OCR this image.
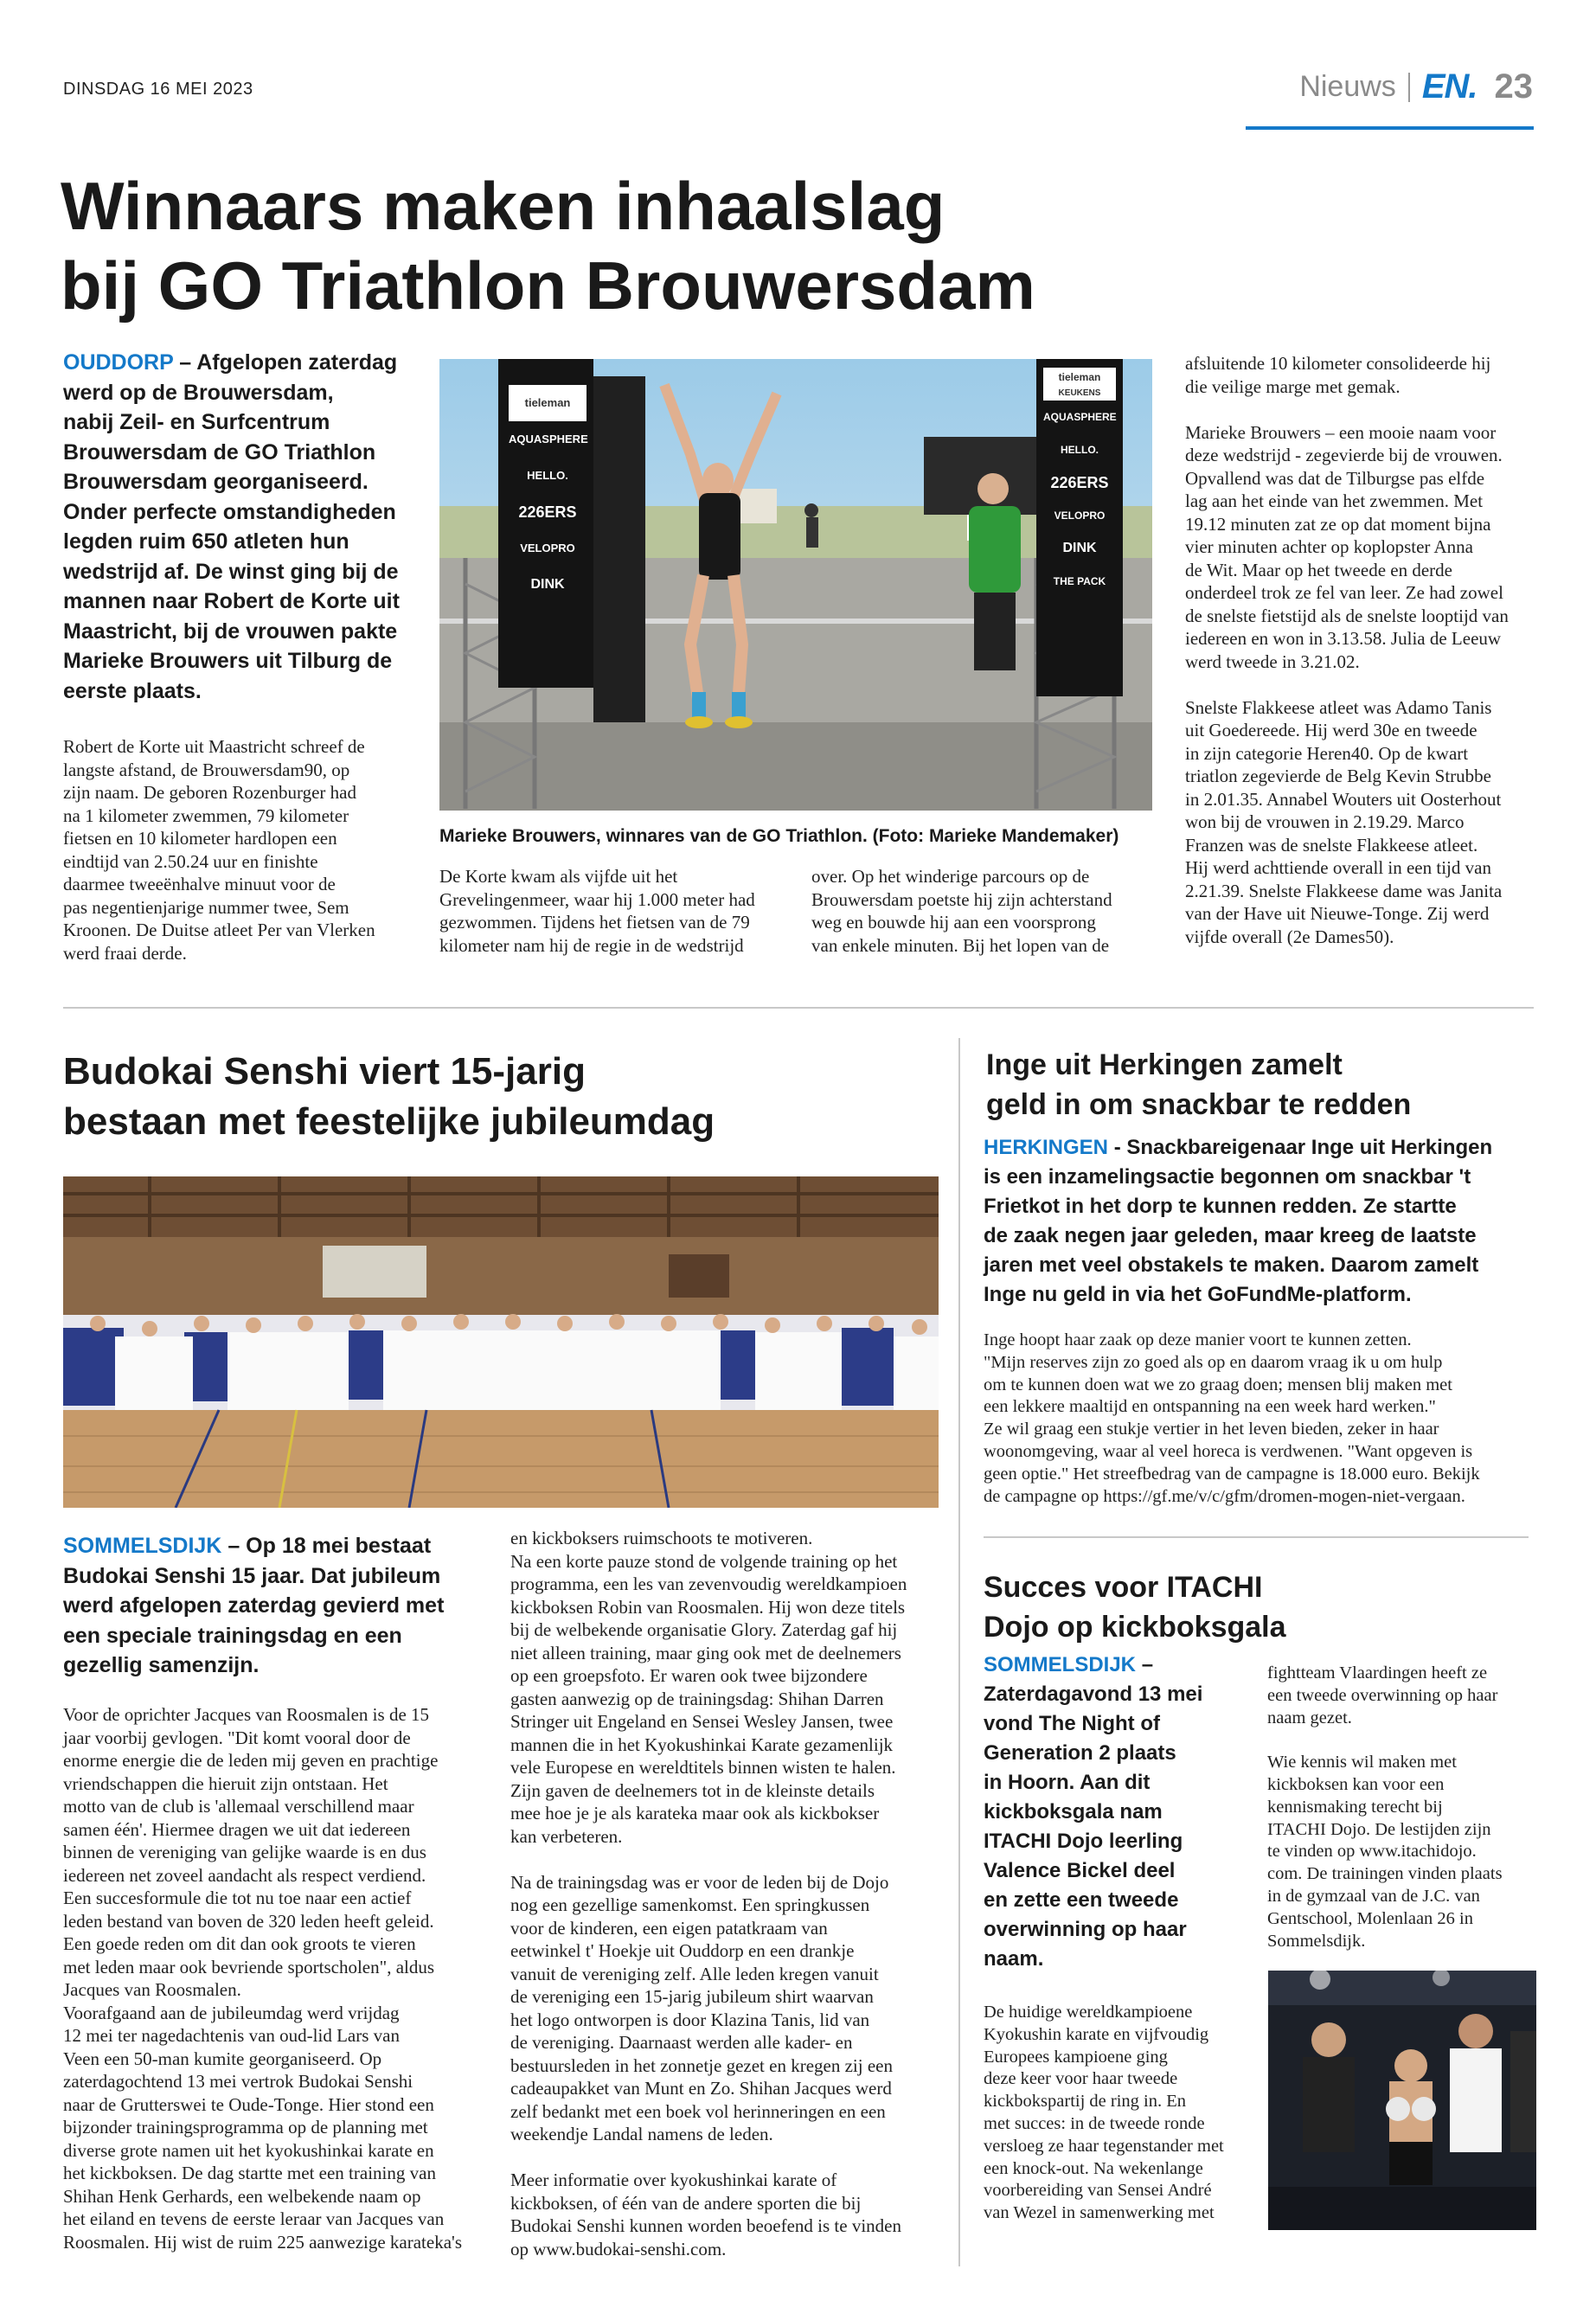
DINSDAG 16 MEI 2023	Nieuws EN. 23
Winnaars maken inhaalslag
bij GO Triathlon Brouwersdam
OUDDORP – Afgelopen zaterdag
werd op de Brouwersdam,
nabij Zeil- en Surfcentrum
Brouwersdam de GO Triathlon
Brouwersdam georganiseerd.
Onder perfecte omstandigheden
legden ruim 650 atleten hun
wedstrijd af. De winst ging bij de
mannen naar Robert de Korte uit
Maastricht, bij de vrouwen pakte
Marieke Brouwers uit Tilburg de
eerste plaats.

Robert de Korte uit Maastricht schreef de

langste afstand, de Brouwersdam90, op

zijn naam. De geboren Rozenburger had

na 1 kilometer zwemmen, 79 kilometer

fietsen en 10 kilometer hardlopen een

eindtijd van 2.50.24 uur en finishte

daarmee tweeënhalve minuut voor de

pas negentienjarige nummer twee, Sem

Kroonen. De Duitse atleet Per van Vlerken

werd fraai derde.

tieleman
AQUASPHERE
HELLO.
226ERS
VELOPRO
DINK
tieleman
KEUKENS
AQUASPHERE
HELLO.
226ERS
VELOPRO
DINK
THE PACK
Marieke Brouwers, winnares van de GO Triathlon. (Foto: Marieke Mandemaker)

De Korte kwam als vijfde uit het

Grevelingenmeer, waar hij 1.000 meter had

gezwommen. Tijdens het fietsen van de 79

kilometer nam hij de regie in de wedstrijd

over. Op het winderige parcours op de

Brouwersdam poetste hij zijn achterstand

weg en bouwde hij aan een voorsprong

van enkele minuten. Bij het lopen van de

afsluitende 10 kilometer consolideerde hij

die veilige marge met gemak.

Marieke Brouwers – een mooie naam voor

deze wedstrijd - zegevierde bij de vrouwen.

Opvallend was dat de Tilburgse pas elfde

lag aan het einde van het zwemmen. Met

19.12 minuten zat ze op dat moment bijna

vier minuten achter op koplopster Anna

de Wit. Maar op het tweede en derde

onderdeel trok ze fel van leer. Ze had zowel

de snelste fietstijd als de snelste looptijd van

iedereen en won in 3.13.58. Julia de Leeuw

werd tweede in 3.21.02.

Snelste Flakkeese atleet was Adamo Tanis

uit Goedereede. Hij werd 30e en tweede

in zijn categorie Heren40. Op de kwart

triatlon zegevierde de Belg Kevin Strubbe

in 2.01.35. Annabel Wouters uit Oosterhout

won bij de vrouwen in 2.19.29. Marco

Franzen was de snelste Flakkeese atleet.

Hij werd achttiende overall in een tijd van

2.21.39. Snelste Flakkeese dame was Janita

van der Have uit Nieuwe-Tonge. Zij werd

vijfde overall (2e Dames50).

Budokai Senshi viert 15-jarig
bestaan met feestelijke jubileumdag
SOMMELSDIJK – Op 18 mei bestaat
Budokai Senshi 15 jaar. Dat jubileum
werd afgelopen zaterdag gevierd met
een speciale trainingsdag en een
gezellig samenzijn.

Voor de oprichter Jacques van Roosmalen is de 15

jaar voorbij gevlogen. "Dit komt vooral door de

enorme energie die de leden mij geven en prachtige

vriendschappen die hieruit zijn ontstaan. Het

motto van de club is 'allemaal verschillend maar

samen één'. Hiermee dragen we uit dat iedereen

binnen de vereniging van gelijke waarde is en dus

iedereen net zoveel aandacht als respect verdiend.

Een succesformule die tot nu toe naar een actief

leden bestand van boven de 320 leden heeft geleid.

Een goede reden om dit dan ook groots te vieren

met leden maar ook bevriende sportscholen", aldus

Jacques van Roosmalen.

Voorafgaand aan de jubileumdag werd vrijdag

12 mei ter nagedachtenis van oud-lid Lars van

Veen een 50-man kumite georganiseerd. Op

zaterdagochtend 13 mei vertrok Budokai Senshi

naar de Grutterswei te Oude-Tonge. Hier stond een

bijzonder trainingsprogramma op de planning met

diverse grote namen uit het kyokushinkai karate en

het kickboksen. De dag startte met een training van

Shihan Henk Gerhards, een welbekende naam op

het eiland en tevens de eerste leraar van Jacques van

Roosmalen. Hij wist de ruim 225 aanwezige karateka's

en kickboksers ruimschoots te motiveren.

Na een korte pauze stond de volgende training op het

programma, een les van zevenvoudig wereldkampioen

kickboksen Robin van Roosmalen. Hij won deze titels

bij de welbekende organisatie Glory. Zaterdag gaf hij

niet alleen training, maar ging ook met de deelnemers

op een groepsfoto. Er waren ook twee bijzondere

gasten aanwezig op de trainingsdag: Shihan Darren

Stringer uit Engeland en Sensei Wesley Jansen, twee

mannen die in het Kyokushinkai Karate gezamenlijk

vele Europese en wereldtitels binnen wisten te halen.

Zijn gaven de deelnemers tot in de kleinste details

mee hoe je je als karateka maar ook als kickbokser

kan verbeteren.

Na de trainingsdag was er voor de leden bij de Dojo

nog een gezellige samenkomst. Een springkussen

voor de kinderen, een eigen patatkraam van

eetwinkel t' Hoekje uit Ouddorp en een drankje

vanuit de vereniging zelf. Alle leden kregen vanuit

de vereniging een 15-jarig jubileum shirt waarvan

het logo ontworpen is door Klazina Tanis, lid van

de vereniging. Daarnaast werden alle kader- en

bestuursleden in het zonnetje gezet en kregen zij een

cadeaupakket van Munt en Zo. Shihan Jacques werd

zelf bedankt met een boek vol herinneringen en een

weekendje Landal namens de leden.

Meer informatie over kyokushinkai karate of

kickboksen, of één van de andere sporten die bij

Budokai Senshi kunnen worden beoefend is te vinden

op www.budokai-senshi.com.

Inge uit Herkingen zamelt
geld in om snackbar te redden
HERKINGEN - Snackbareigenaar Inge uit Herkingen
is een inzamelingsactie begonnen om snackbar 't
Frietkot in het dorp te kunnen redden. Ze startte
de zaak negen jaar geleden, maar kreeg de laatste
jaren met veel obstakels te maken. Daarom zamelt
Inge nu geld in via het GoFundMe-platform.

Inge hoopt haar zaak op deze manier voort te kunnen zetten.

"Mijn reserves zijn zo goed als op en daarom vraag ik u om hulp

om te kunnen doen wat we zo graag doen; mensen blij maken met

een lekkere maaltijd en ontspanning na een week hard werken."

Ze wil graag een stukje vertier in het leven bieden, zeker in haar

woonomgeving, waar al veel horeca is verdwenen. "Want opgeven is

geen optie." Het streefbedrag van de campagne is 18.000 euro. Bekijk

de campagne op https://gf.me/v/c/gfm/dromen-mogen-niet-vergaan.

Succes voor ITACHI
Dojo op kickboksgala
SOMMELSDIJK –
Zaterdagavond 13 mei
vond The Night of
Generation 2 plaats
in Hoorn. Aan dit
kickboksgala nam
ITACHI Dojo leerling
Valence Bickel deel
en zette een tweede
overwinning op haar
naam.

De huidige wereldkampioene

Kyokushin karate en vijfvoudig

Europees kampioene ging

deze keer voor haar tweede

kickbokspartij de ring in. En

met succes: in de tweede ronde

versloeg ze haar tegenstander met

een knock-out. Na wekenlange

voorbereiding van Sensei André

van Wezel in samenwerking met

fightteam Vlaardingen heeft ze

een tweede overwinning op haar

naam gezet.

Wie kennis wil maken met

kickboksen kan voor een

kennismaking terecht bij

ITACHI Dojo. De lestijden zijn

te vinden op www.itachidojo.

com. De trainingen vinden plaats

in de gymzaal van de J.C. van

Gentschool, Molenlaan 26 in

Sommelsdijk.
